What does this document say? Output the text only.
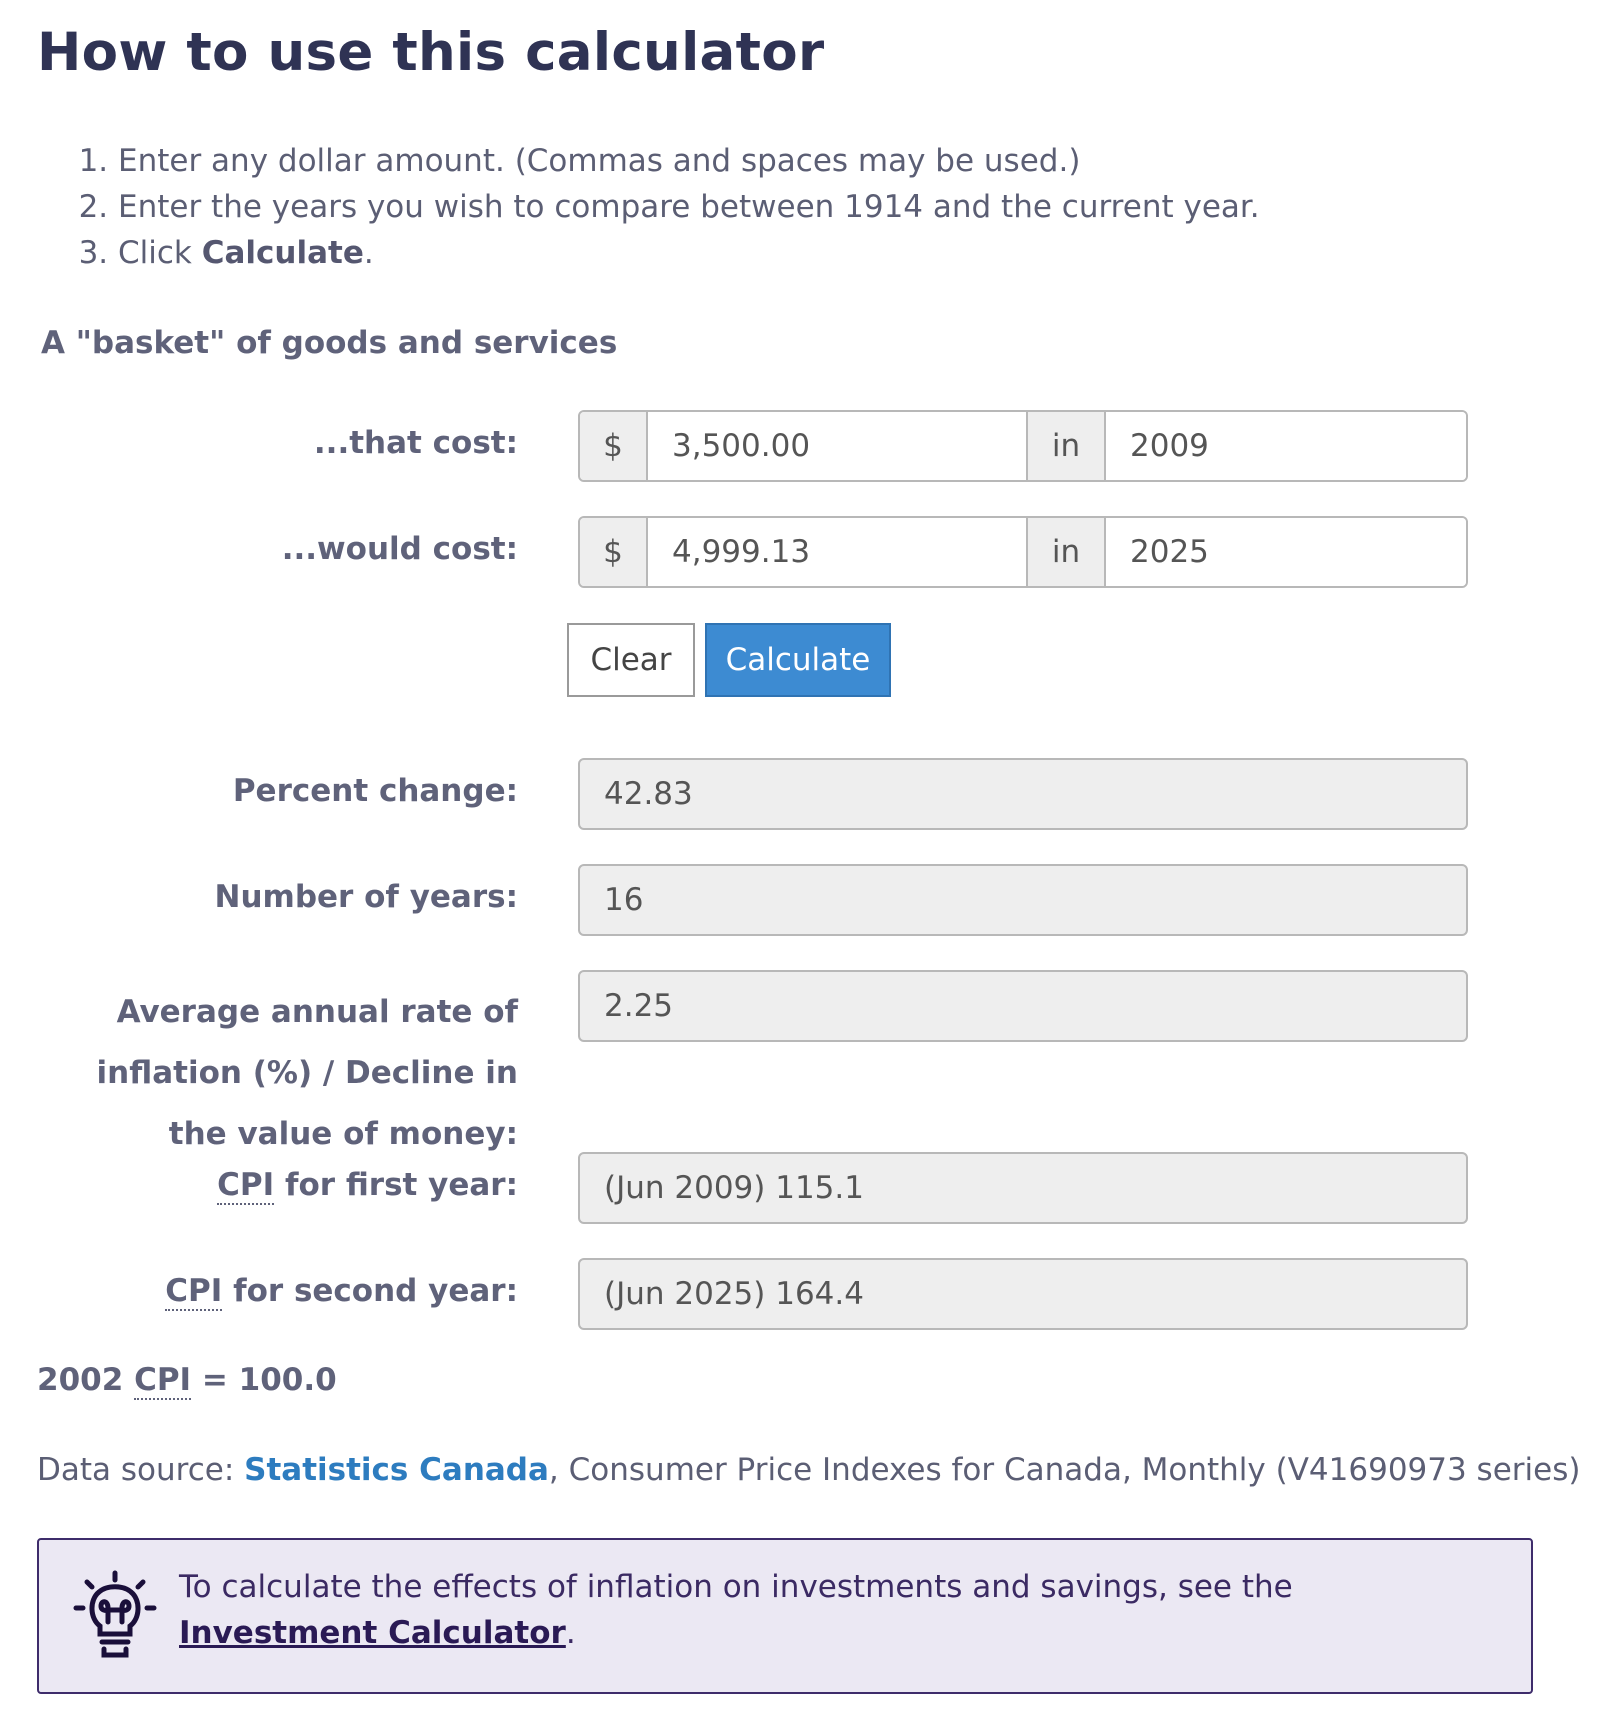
How to use this calculator
1. Enter any dollar amount. (Commas and spaces may be used.)
2. Enter the years you wish to compare between 1914 and the current year.
3. Click Calculate.
A "basket" of goods and services
...that cost:	$	3,500.00	in	2009
...would cost:	$	4,999.13	in	2025
Clear	Calculate
Percent change:	42.83
Number of years:	16
Average annual rate of
inflation (%) / Decline in
the value of money:
2.25
CPI for first year:	(Jun 2009) 115.1
CPI for second year:	(Jun 2025) 164.4
2002 CPI = 100.0
Data source: Statistics Canada, Consumer Price Indexes for Canada, Monthly (V41690973 series)
To calculate the effects of inflation on investments and savings, see the Investment Calculator.
